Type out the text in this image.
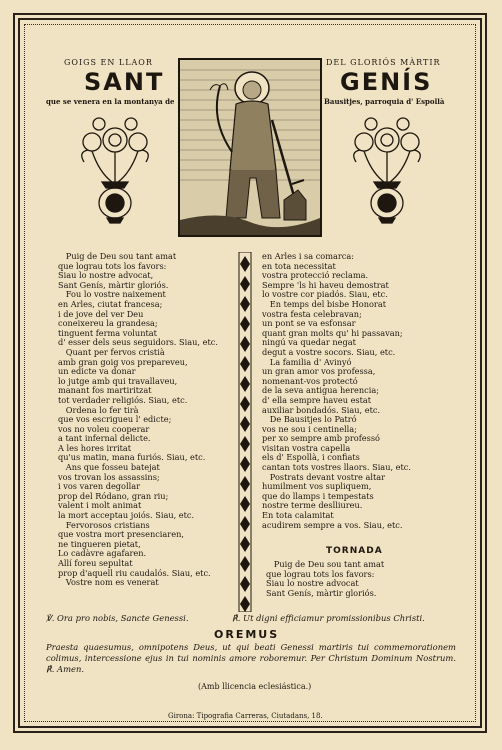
GOIGS EN LLAOR	DEL GLORIÓS MÀRTIR
SANT	GENÍS
que se venera en la montanya de	Bausitjes, parroquia d' Espollà
Puig de Deu sou tant amat
que lograu tots los favors:
Siau lo nostre advocat,
Sant Genís, màrtir gloriós.
Fou lo vostre naixement
en Arles, ciutat francesa;
i de jove del ver Deu
coneixereu la grandesa;
tinguent ferma voluntat
d' esser dels seus seguidors. Siau, etc.
Quant per fervos cristià
amb gran goig vos prepareveu,
un edicte va donar
lo jutge amb qui travallaveu,
manant fos martiritzat
tot verdader religiós. Siau, etc.
Ordena lo fer tirà
que vos escrigueu l' edicte;
vos no voleu cooperar
a tant infernal delicte.
A les hores irritat
qu'us matin, mana furiós. Siau, etc.
Ans que fosseu batejat
vos trovan los assassins;
i vos varen degollar
prop del Ródano, gran riu;
valent i molt animat
la mort acceptau joiós. Siau, etc.
Fervorosos cristians
que vostra mort presenciaren,
ne tingueren pietat,
Lo cadàvre agafaren.
Allí foreu sepultat
prop d'aquell riu caudalós. Siau, etc.
Vostre nom es venerat
en Arles i sa comarca:
en tota necessitat
vostra protecció reclama.
Sempre 'ls hi haveu demostrat
lo vostre cor piadós. Siau, etc.
En temps del bisbe Honorat
vostra festa celebravan;
un pont se va esfonsar
quant gran molts qu' hi passavan;
ningú va quedar negat
degut a vostre socors. Siau, etc.
La familia d' Avinyó
un gran amor vos professa,
nomenant-vos protectó
de la seva antigua herencia;
d' ella sempre haveu estat
auxiliar bondadós. Siau, etc.
De Bausitjes lo Patró
vos ne sou i centinella;
per xo sempre amb professó
visitan vostra capella
els d' Espollà, i confiats
cantan tots vostres llaors. Siau, etc.
Postrats devant vostre altar
humilment vos supliquem,
que do llamps i tempestats
nostre terme deslliureu.
En tota calamitat
acudirem sempre a vos. Siau, etc.
TORNADA
Puig de Deu sou tant amat
que lograu tots los favors:
Siau lo nostre advocat
Sant Genís, màrtir gloriós.
℣. Ora pro nobis, Sancte Genessi.	℟. Ut digni efficiamur promissionibus Christi.
OREMUS
Praesta quaesumus, omnipotens Deus, ut qui beati Genessi martiris tui commemorationem colimus, intercessione ejus in tui nominis amore roboremur. Per Christum Dominum Nostrum. ℟. Amen.
(Amb llicencia eclesiástica.)
Girona: Tipografia Carreras, Ciutadans, 18.
